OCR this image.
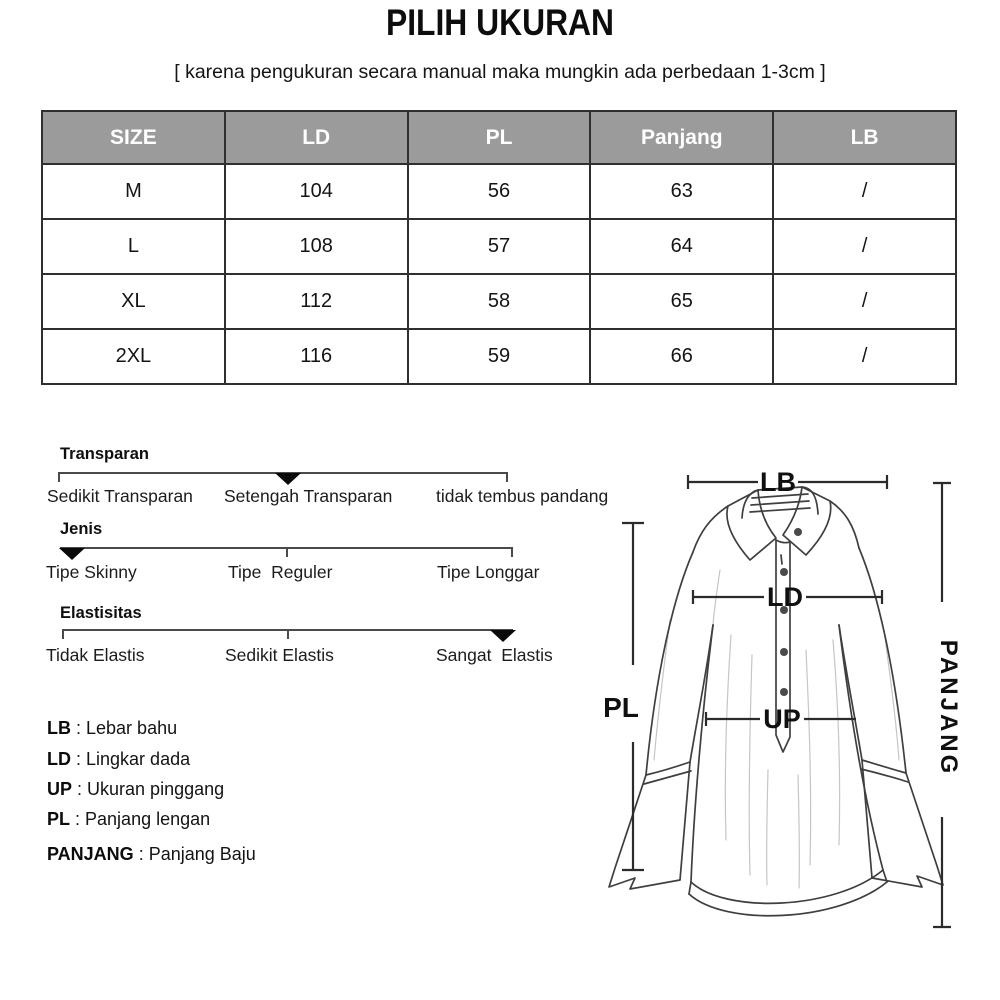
PILIH UKURAN
[ karena pengukuran secara manual maka mungkin ada perbedaan 1-3cm ]
SIZE	LD	PL	Panjang	LB
M	104	56	63	/
L	108	57	64	/
XL	112	58	65	/
2XL	116	59	66	/
Transparan
Sedikit Transparan Setengah Transparan tidak tembus pandang
Jenis
Tipe Skinny	Tipe  Reguler	Tipe Longgar
Elastisitas
Tidak Elastis	Sedikit Elastis	Sangat  Elastis
LB : Lebar bahu
LD : Lingkar dada
UP : Ukuran pinggang
PL : Panjang lengan
PANJANG : Panjang Baju
LB
LD
UP
PL	PANJANG
